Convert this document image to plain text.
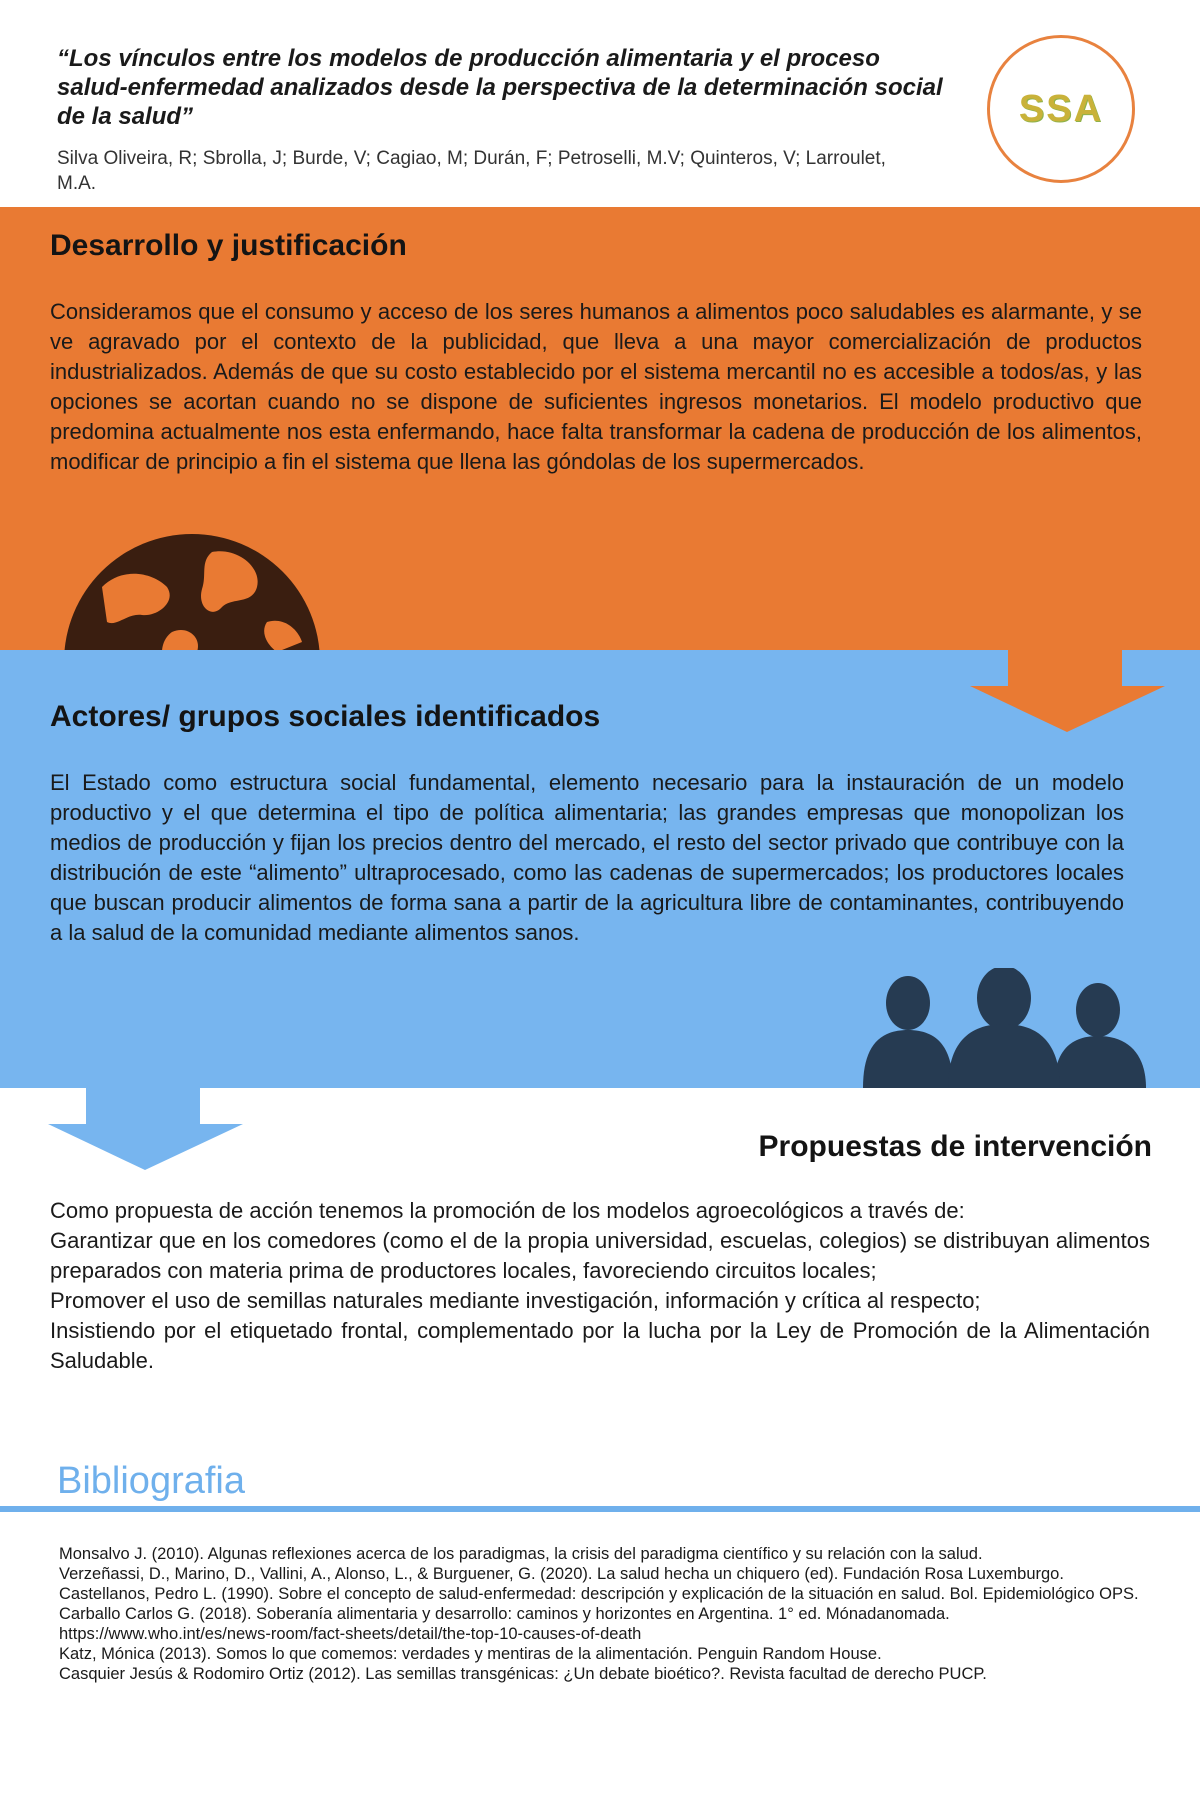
“Los vínculos entre los modelos de producción alimentaria y el proceso salud-enfermedad analizados desde la perspectiva de la determinación social de la salud”
Silva Oliveira, R; Sbrolla, J; Burde, V; Cagiao, M; Durán, F; Petroselli, M.V; Quinteros, V; Larroulet, M.A.
SSA
Desarrollo y justificación
Consideramos que el consumo y acceso de los seres humanos a alimentos poco saludables es alarmante, y se ve agravado por el contexto de la publicidad, que lleva a una mayor comercialización de productos industrializados. Además de que su costo establecido por el sistema mercantil no es accesible a todos/as, y las opciones se acortan cuando no se dispone de suficientes ingresos monetarios. El modelo productivo que predomina actualmente nos esta enfermando, hace falta transformar la cadena de producción de los alimentos, modificar de principio a fin el sistema que llena las góndolas de los supermercados.
Actores/ grupos sociales identificados
El Estado como estructura social fundamental, elemento necesario para la instauración de un modelo productivo y el que determina el tipo de política alimentaria; las grandes empresas que monopolizan los medios de producción y fijan los precios dentro del mercado, el resto del sector privado que contribuye con la distribución de este “alimento” ultraprocesado, como las cadenas de supermercados; los productores locales que buscan producir alimentos de forma sana a partir de la agricultura libre de contaminantes, contribuyendo a la salud de la comunidad mediante alimentos sanos.
Propuestas de intervención

Como propuesta de acción tenemos la promoción de los modelos agroecológicos a través de:

Garantizar que en los comedores (como el de la propia universidad, escuelas, colegios) se distribuyan alimentos preparados con materia prima de productores locales, favoreciendo circuitos locales;

Promover el uso de semillas naturales mediante investigación, información y crítica al respecto;

Insistiendo por el etiquetado frontal, complementado por la lucha por la Ley de Promoción de la Alimentación Saludable.

Bibliografia
Monsalvo J. (2010). Algunas reflexiones acerca de los paradigmas, la crisis del paradigma científico y su relación con la salud.
Verzeñassi, D., Marino, D., Vallini, A., Alonso, L., & Burguener, G. (2020). La salud hecha un chiquero (ed). Fundación Rosa Luxemburgo.
Castellanos, Pedro L. (1990). Sobre el concepto de salud-enfermedad: descripción y explicación de la situación en salud. Bol. Epidemiológico OPS.
Carballo Carlos G. (2018). Soberanía alimentaria y desarrollo: caminos y horizontes en Argentina. 1° ed. Mónadanomada.
https://www.who.int/es/news-room/fact-sheets/detail/the-top-10-causes-of-death
Katz, Mónica (2013). Somos lo que comemos: verdades y mentiras de la alimentación. Penguin Random House.
Casquier Jesús & Rodomiro Ortiz (2012). Las semillas transgénicas: ¿Un debate bioético?. Revista facultad de derecho PUCP.
